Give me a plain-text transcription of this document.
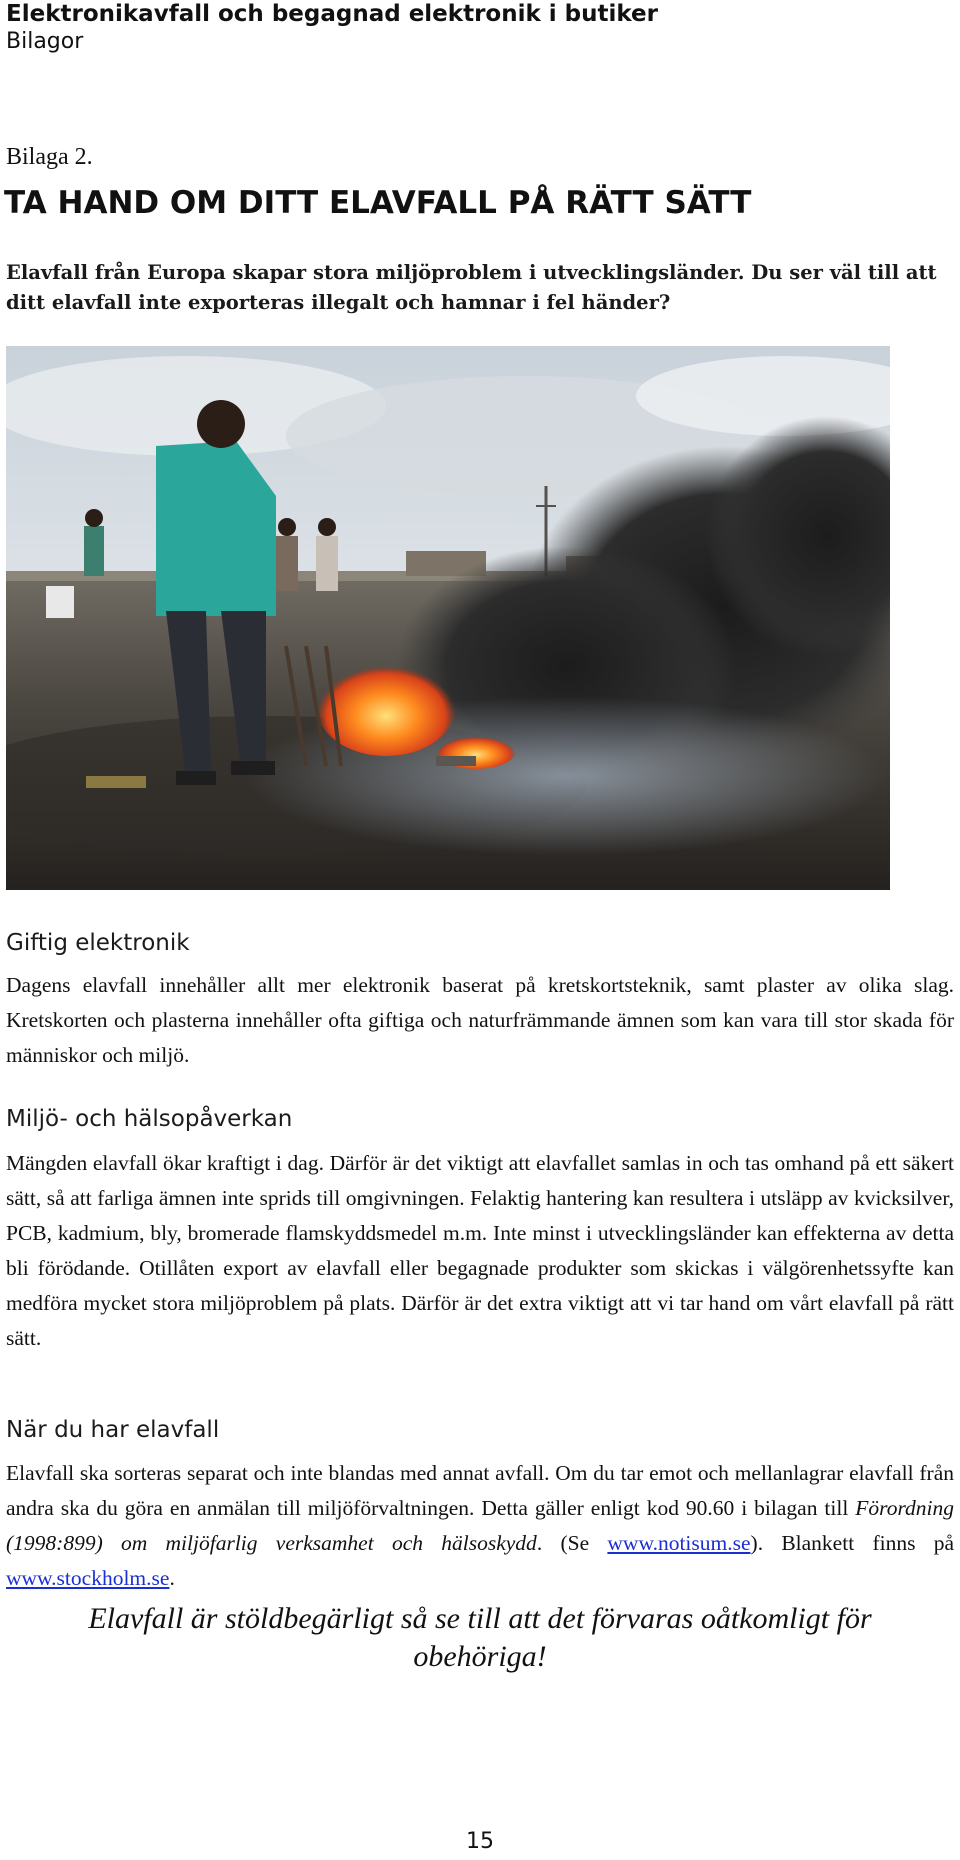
Elektronikavfall och begagnad elektronik i butiker
Bilagor
Bilaga 2.
TA HAND OM DITT ELAVFALL PÅ RÄTT SÄTT
Elavfall från Europa skapar stora miljöproblem i utvecklingsländer. Du ser väl till att ditt elavfall inte exporteras illegalt och hamnar i fel händer?
Giftig elektronik
Dagens elavfall innehåller allt mer elektronik baserat på kretskortsteknik, samt plaster av olika slag. Kretskorten och plasterna innehåller ofta giftiga och naturfrämmande ämnen som kan vara till stor skada för människor och miljö.
Miljö- och hälsopåverkan
Mängden elavfall ökar kraftigt i dag. Därför är det viktigt att elavfallet samlas in och tas omhand på ett säkert sätt, så att farliga ämnen inte sprids till omgivningen. Felaktig hantering kan resultera i utsläpp av kvicksilver, PCB, kadmium, bly, bromerade flamskyddsmedel m.m. Inte minst i utvecklingsländer kan effekterna av detta bli förödande. Otillåten export av elavfall eller begagnade produkter som skickas i välgörenhetssyfte kan medföra mycket stora miljöproblem på plats. Därför är det extra viktigt att vi tar hand om vårt elavfall på rätt sätt.
När du har elavfall
Elavfall ska sorteras separat och inte blandas med annat avfall. Om du tar emot och mellanlagrar elavfall från andra ska du göra en anmälan till miljöförvaltningen. Detta gäller enligt kod 90.60 i bilagan till Förordning (1998:899) om miljöfarlig verksamhet och hälsoskydd. (Se www.notisum.se). Blankett finns på www.stockholm.se.
Elavfall är stöldbegärligt så se till att det förvaras oåtkomligt för obehöriga!
15
